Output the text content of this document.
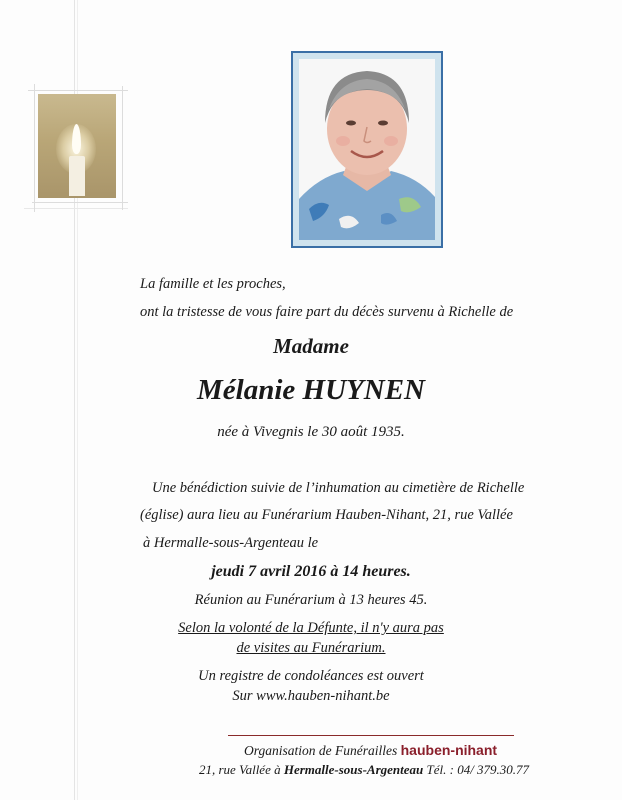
La famille et les proches,
ont la tristesse de vous faire part du décès survenu à Richelle de
Madame
Mélanie HUYNEN
née à Vivegnis le 30 août 1935.
Une bénédiction suivie de l’inhumation au cimetière de Richelle
(église) aura lieu au Funérarium Hauben-Nihant, 21, rue Vallée
à Hermalle-sous-Argenteau le
jeudi 7 avril 2016 à 14 heures.
Réunion au Funérarium à 13 heures 45.
Selon la volonté de la Défunte, il n'y aura pas
de visites au Funérarium.
Un registre de condoléances est ouvert
Sur www.hauben-nihant.be
Organisation de Funérailles hauben-nihant
21, rue Vallée à Hermalle-sous-Argenteau Tél. : 04/ 379.30.77
